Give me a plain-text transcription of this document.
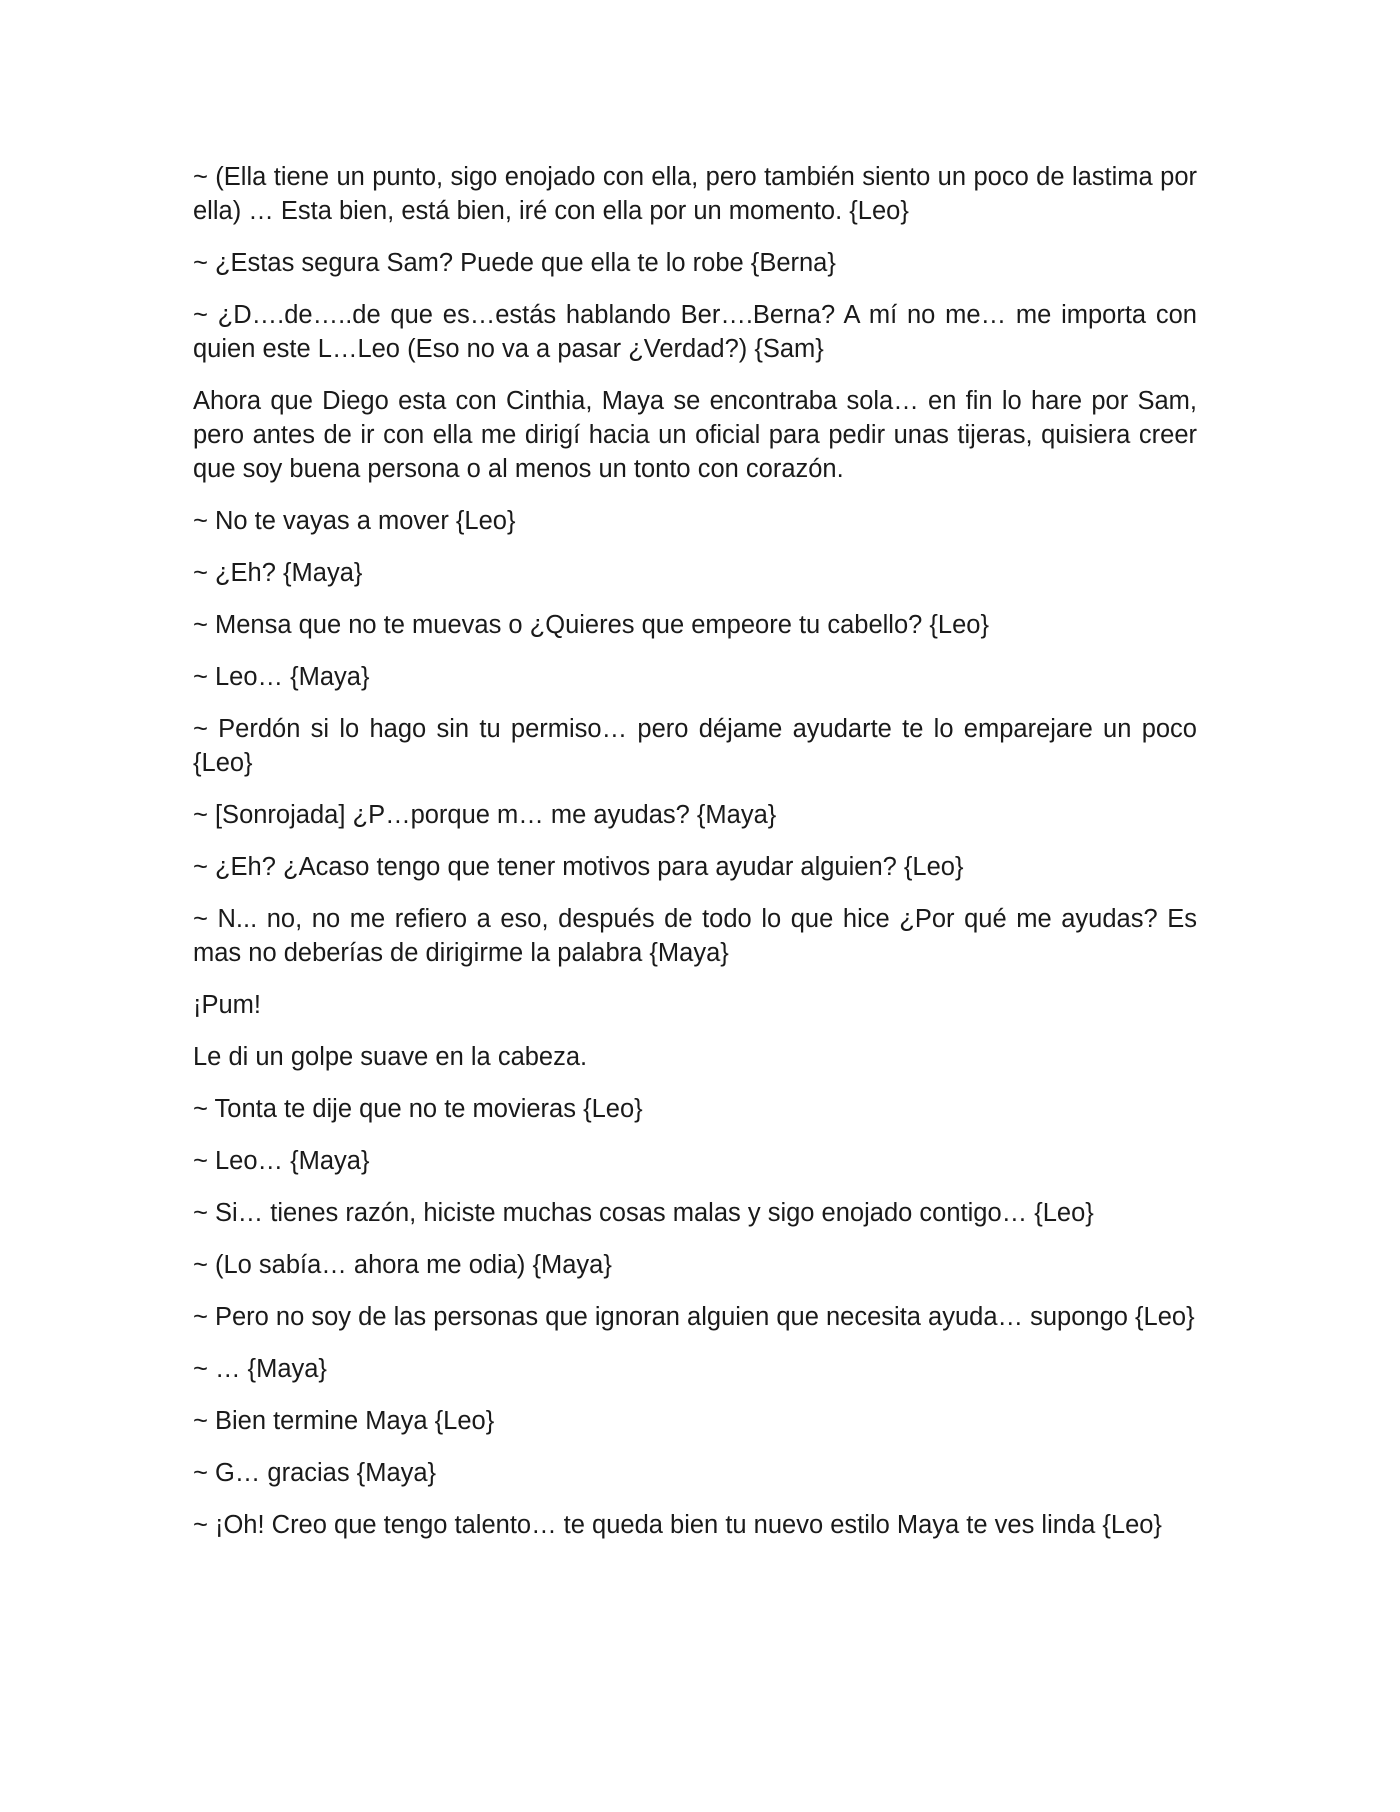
~ (Ella tiene un punto, sigo enojado con ella, pero también siento un poco de lastima por ella) … Esta bien, está bien, iré con ella por un momento. {Leo}

~ ¿Estas segura Sam? Puede que ella te lo robe {Berna}

~ ¿D….de…..de que es…estás hablando Ber….Berna? A mí no me… me importa con quien este L…Leo (Eso no va a pasar ¿Verdad?) {Sam}

Ahora que Diego esta con Cinthia, Maya se encontraba sola… en fin lo hare por Sam, pero antes de ir con ella me dirigí hacia un oficial para pedir unas tijeras, quisiera creer que soy buena persona o al menos un tonto con corazón.

~ No te vayas a mover {Leo}

~ ¿Eh? {Maya}

~ Mensa que no te muevas o ¿Quieres que empeore tu cabello? {Leo}

~ Leo… {Maya}

~ Perdón si lo hago sin tu permiso… pero déjame ayudarte te lo emparejare un poco {Leo}

~ [Sonrojada] ¿P…porque m… me ayudas? {Maya}

~ ¿Eh? ¿Acaso tengo que tener motivos para ayudar alguien? {Leo}

~ N... no, no me refiero a eso, después de todo lo que hice ¿Por qué me ayudas? Es mas no deberías de dirigirme la palabra {Maya}

¡Pum!

Le di un golpe suave en la cabeza.

~ Tonta te dije que no te movieras {Leo}

~ Leo… {Maya}

~ Si… tienes razón, hiciste muchas cosas malas y sigo enojado contigo… {Leo}

~ (Lo sabía… ahora me odia) {Maya}

~ Pero no soy de las personas que ignoran alguien que necesita ayuda… supongo {Leo}

~ … {Maya}

~ Bien termine Maya {Leo}

~ G… gracias {Maya}

~ ¡Oh! Creo que tengo talento… te queda bien tu nuevo estilo Maya te ves linda {Leo}
